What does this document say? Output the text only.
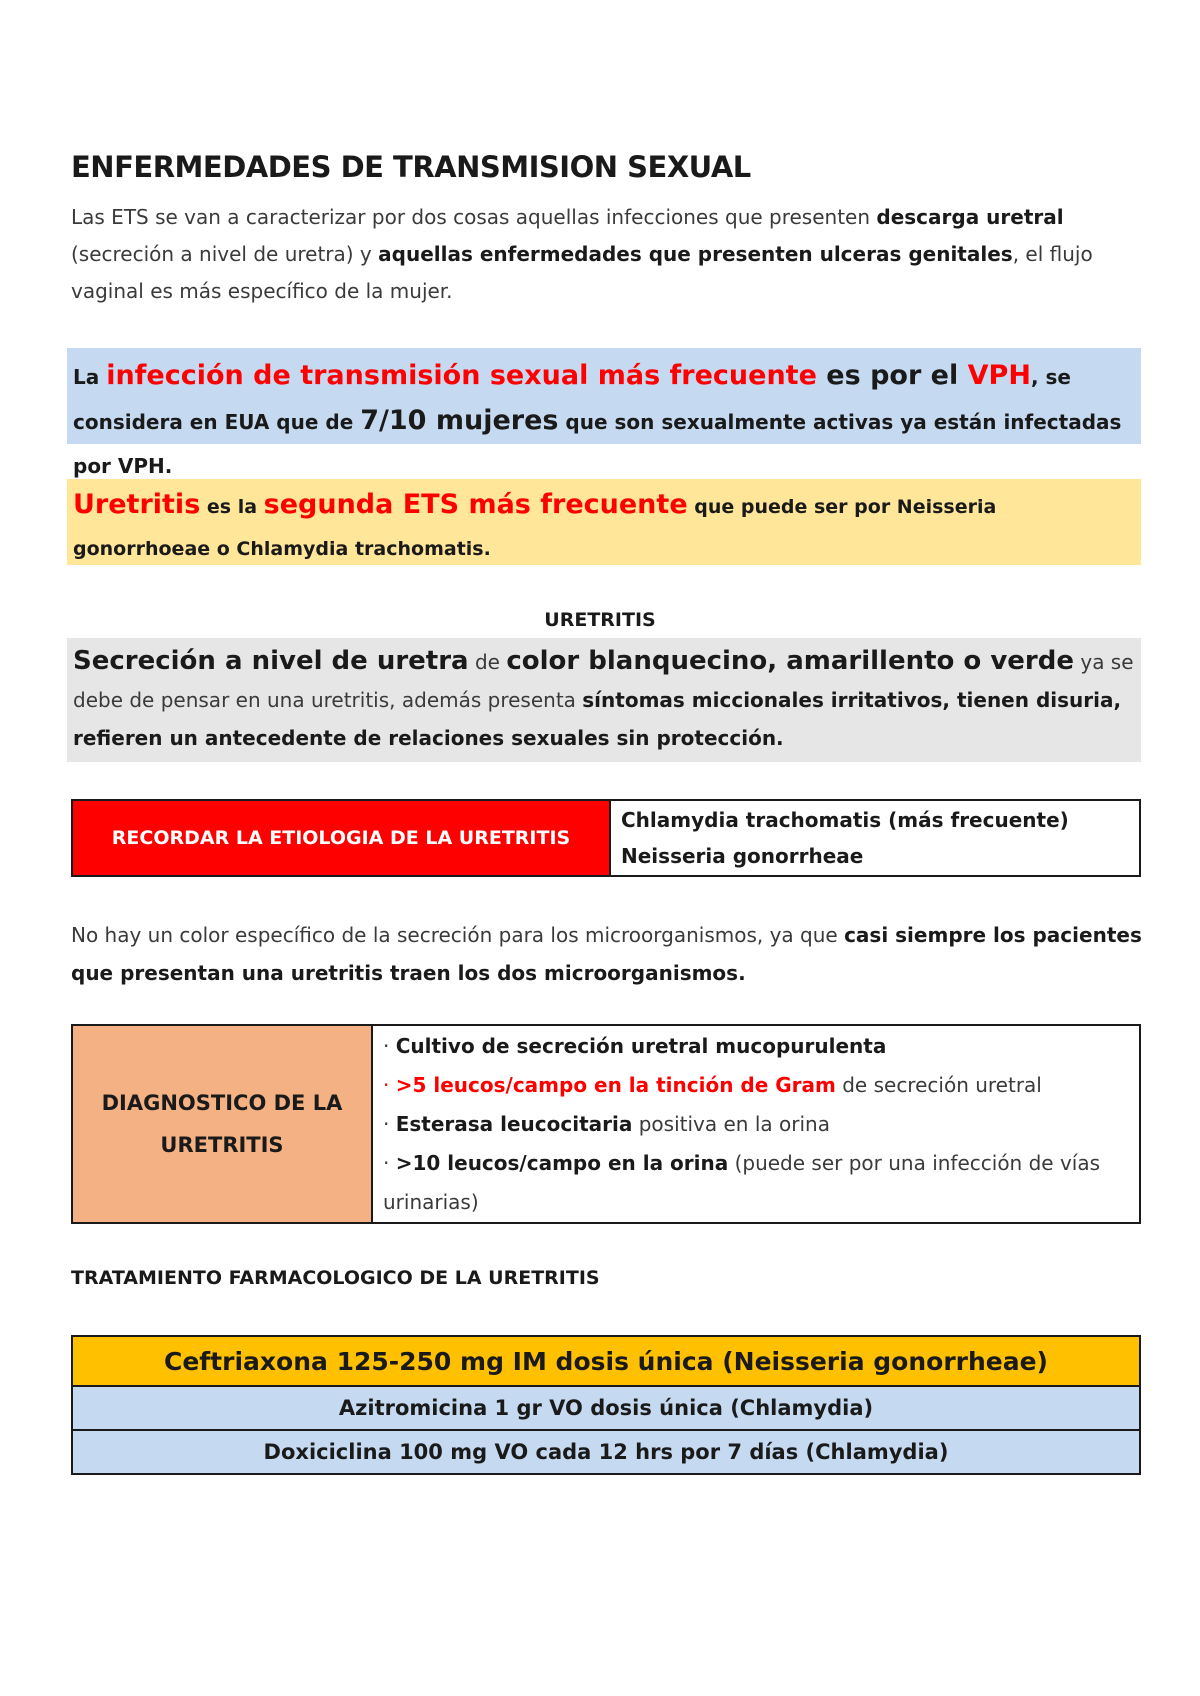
ENFERMEDADES DE TRANSMISION SEXUAL
Las ETS se van a caracterizar por dos cosas aquellas infecciones que presenten descarga uretral (secreción a nivel de uretra) y aquellas enfermedades que presenten ulceras genitales, el flujo vaginal es más específico de la mujer.
La infección de transmisión sexual más frecuente es por el VPH, se considera en EUA que de 7/10 mujeres que son sexualmente activas ya están infectadas por VPH.
Uretritis es la segunda ETS más frecuente que puede ser por Neisseria gonorrhoeae o Chlamydia trachomatis.
URETRITIS
Secreción a nivel de uretra de color blanquecino, amarillento o verde ya se debe de pensar en una uretritis, además presenta síntomas miccionales irritativos, tienen disuria, refieren un antecedente de relaciones sexuales sin protección.
RECORDAR LA ETIOLOGIA DE LA URETRITIS	
Chlamydia trachomatis (más frecuente)
Neisseria gonorrheae
No hay un color específico de la secreción para los microorganismos, ya que casi siempre los pacientes que presentan una uretritis traen los dos microorganismos.
DIAGNOSTICO DE LA URETRITIS	
· Cultivo de secreción uretral mucopurulenta
· >5 leucos/campo en la tinción de Gram de secreción uretral
· Esterasa leucocitaria positiva en la orina
· >10 leucos/campo en la orina (puede ser por una infección de vías urinarias)
TRATAMIENTO FARMACOLOGICO DE LA URETRITIS
Ceftriaxona 125-250 mg IM dosis única (Neisseria gonorrheae)
Azitromicina 1 gr VO dosis única (Chlamydia)
Doxiciclina 100 mg VO cada 12 hrs por 7 días (Chlamydia)
